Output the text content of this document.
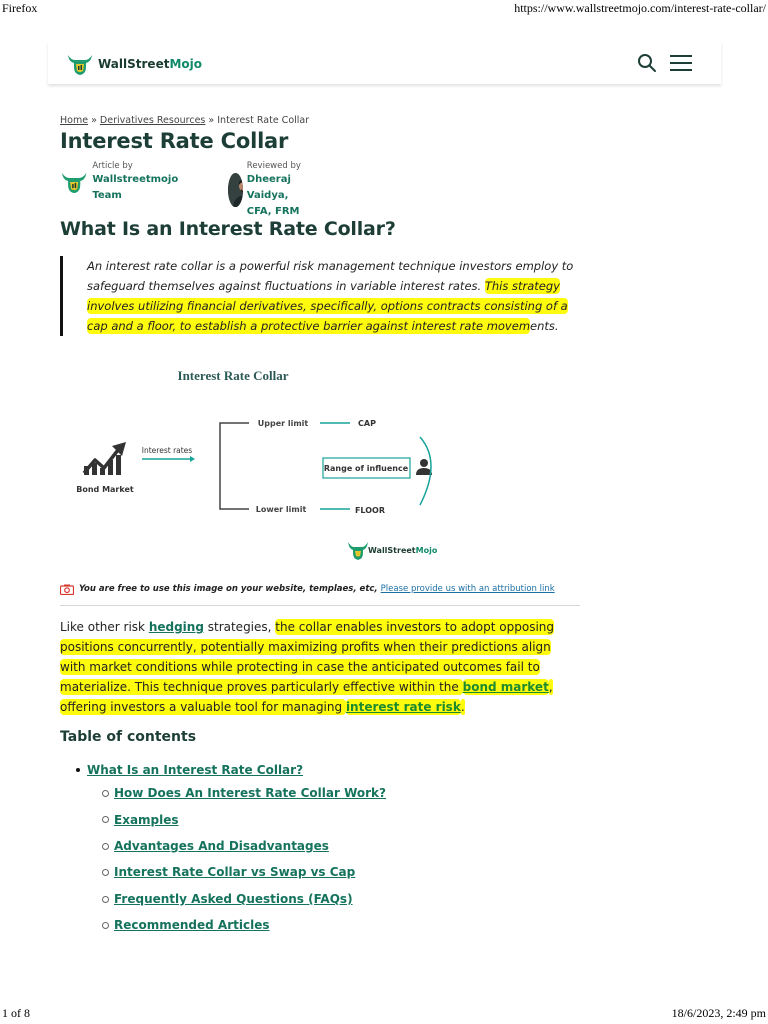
Firefox	https://www.wallstreetmojo.com/interest-rate-collar/
WallStreetMojo
Home » Derivatives Resources » Interest Rate Collar
Interest Rate Collar
Article by
Wallstreetmojo Team
Reviewed by
Dheeraj Vaidya, CFA, FRM
What Is an Interest Rate Collar?

An interest rate collar is a powerful risk management technique investors employ to safeguard themselves against fluctuations in variable interest rates. This strategy involves utilizing financial derivatives, specifically, options contracts consisting of a cap and a floor, to establish a protective barrier against interest rate movements.

Interest Rate Collar
Bond Market
Interest rates
Upper limit	CAP
Lower limit	FLOOR
Range of influence
WallStreetMojo
You are free to use this image on your website, templaes, etc, Please provide us with an attribution link

Like other risk hedging strategies, the collar enables investors to adopt opposing positions concurrently, potentially maximizing profits when their predictions align with market conditions while protecting in case the anticipated outcomes fail to materialize. This technique proves particularly effective within the bond market, offering investors a valuable tool for managing interest rate risk.

Table of contents
What Is an Interest Rate Collar?
How Does An Interest Rate Collar Work?
Examples
Advantages And Disadvantages
Interest Rate Collar vs Swap vs Cap
Frequently Asked Questions (FAQs)
Recommended Articles
1 of 8	18/6/2023, 2:49 pm
